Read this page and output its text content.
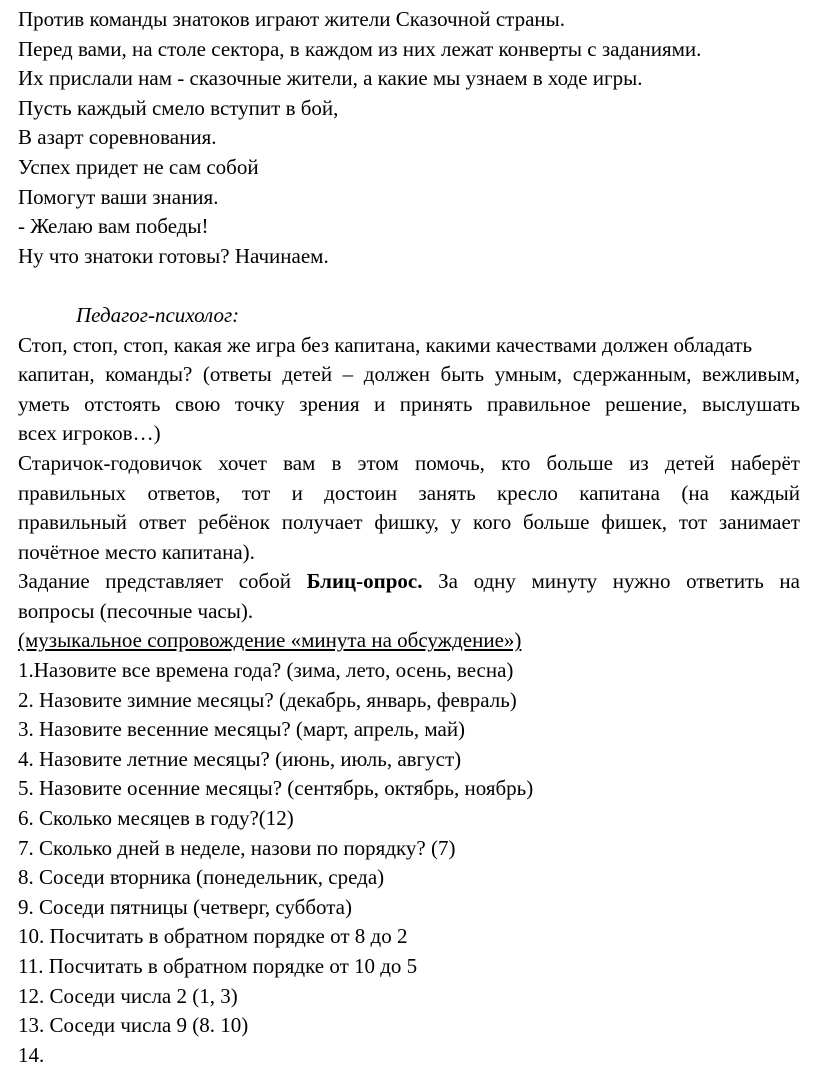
Против команды знатоков играют жители Сказочной страны.

Перед вами, на столе сектора, в каждом из них лежат конверты с заданиями.

Их прислали нам - сказочные жители, а какие мы узнаем в ходе игры.

Пусть каждый смело вступит в бой,

В азарт соревнования.

Успех придет не сам собой

Помогут ваши знания.

- Желаю вам победы!

Ну что знатоки готовы? Начинаем.

Педагог-психолог:

Стоп, стоп, стоп, какая же игра без капитана, какими качествами должен обладать

капитан, команды? (ответы детей – должен быть умным, сдержанным, вежливым,

уметь отстоять свою точку зрения и принять правильное решение, выслушать

всех игроков…)

Старичок-годовичок хочет вам в этом помочь, кто больше из детей наберёт

правильных ответов, тот и достоин занять кресло капитана (на каждый

правильный ответ ребёнок получает фишку, у кого больше фишек, тот занимает

почётное место капитана).

Задание представляет собой Блиц-опрос. За одну минуту нужно ответить на

вопросы (песочные часы).

(музыкальное сопровождение «минута на обсуждение»)

1.Назовите все времена года? (зима, лето, осень, весна)

2. Назовите зимние месяцы? (декабрь, январь, февраль)

3. Назовите весенние месяцы? (март, апрель, май)

4. Назовите летние месяцы? (июнь, июль, август)

5. Назовите осенние месяцы? (сентябрь, октябрь, ноябрь)

6. Сколько месяцев в году?(12)

7. Сколько дней в неделе, назови по порядку? (7)

8. Соседи вторника (понедельник, среда)

9. Соседи пятницы (четверг, суббота)

10. Посчитать в обратном порядке от 8 до 2

11. Посчитать в обратном порядке от 10 до 5

12. Соседи числа 2 (1, 3)

13. Соседи числа 9 (8. 10)

14.
